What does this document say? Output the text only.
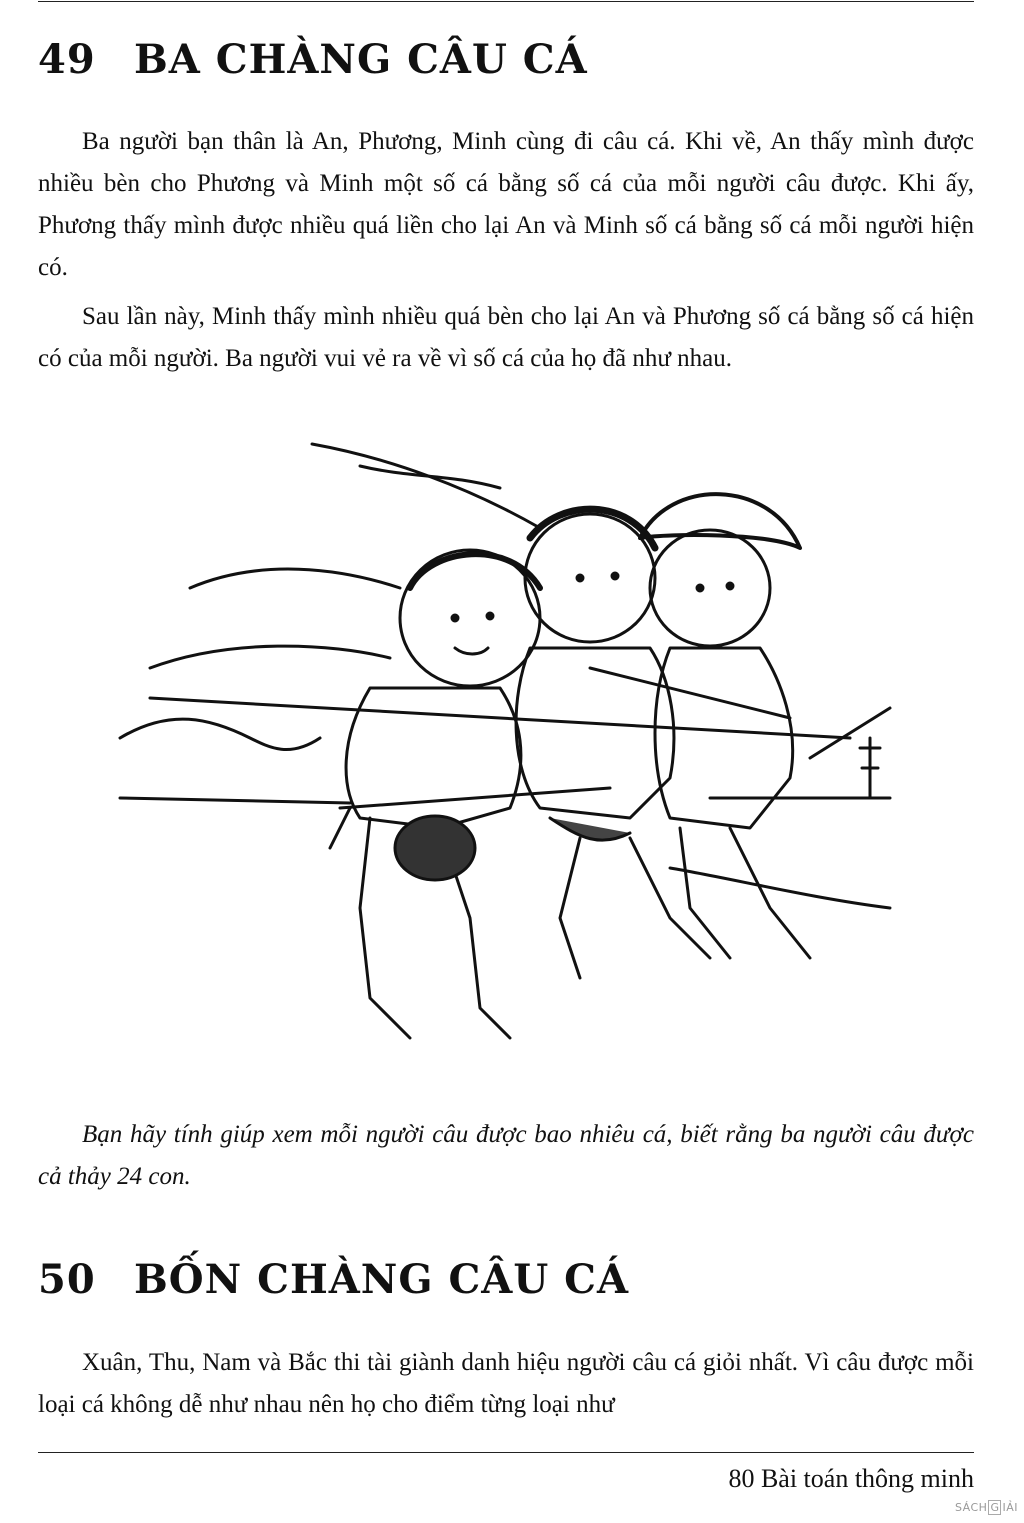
49 BA CHÀNG CÂU CÁ

Ba người bạn thân là An, Phương, Minh cùng đi câu cá. Khi về, An thấy mình được nhiều bèn cho Phương và Minh một số cá bằng số cá của mỗi người câu được. Khi ấy, Phương thấy mình được nhiều quá liền cho lại An và Minh số cá bằng số cá mỗi người hiện có.

Sau lần này, Minh thấy mình nhiều quá bèn cho lại An và Phương số cá bằng số cá hiện có của mỗi người. Ba người vui vẻ ra về vì số cá của họ đã như nhau.

Bạn hãy tính giúp xem mỗi người câu được bao nhiêu cá, biết rằng ba người câu được cả thảy 24 con.

50 BỐN CHÀNG CÂU CÁ

Xuân, Thu, Nam và Bắc thi tài giành danh hiệu người câu cá giỏi nhất. Vì câu được mỗi loại cá không dễ như nhau nên họ cho điểm từng loại như

80 Bài toán thông minh

SÁCH G IẢI
